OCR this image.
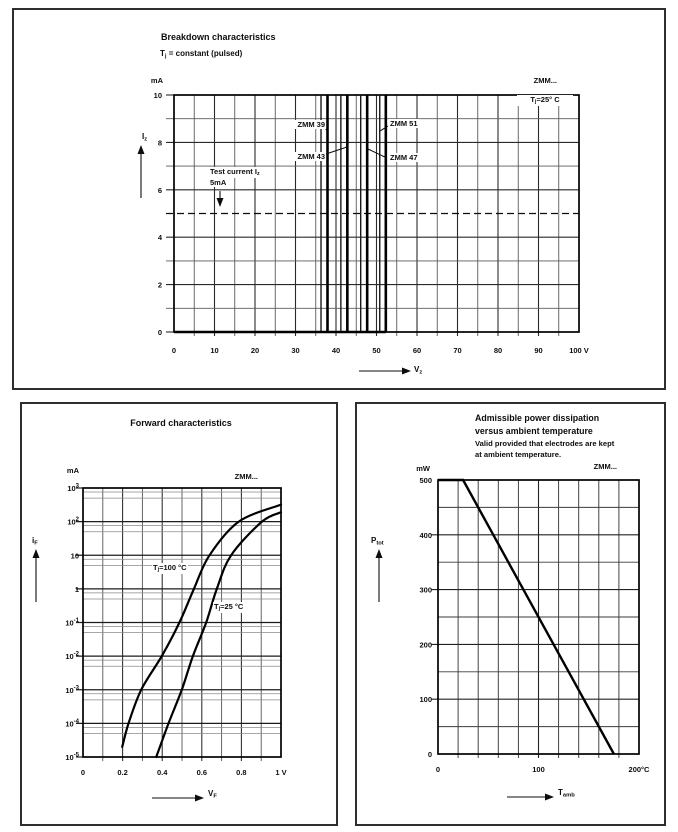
0	10	20	30	40	50	60	70	80	90	100 V
10
8
6
4
2
0
Breakdown characteristics
Tj = constant (pulsed)
mA	ZMM...
Tj=25° C
Iz
Test current Iz
5mA
ZMM 39
ZMM 43	ZMM 47
ZMM 51
Vz
0	0.2	0.4	0.6	0.8	1 V
$10^3$
$10^2$
10
1
$10^{-1}$
$10^{-2}$
$10^{-3}$
$10^{-4}$
$10^{-5}$
Forward characteristics
mA
ZMM...
iF
Tj=100 °C
Tj=25 °C
VF
0	100	200°C
500
400
300
200
100
0
Admissible power dissipation
versus ambient temperature
Valid provided that electrodes are kept
at ambient temperature.
ZMM...
mW
Ptot
Tamb
